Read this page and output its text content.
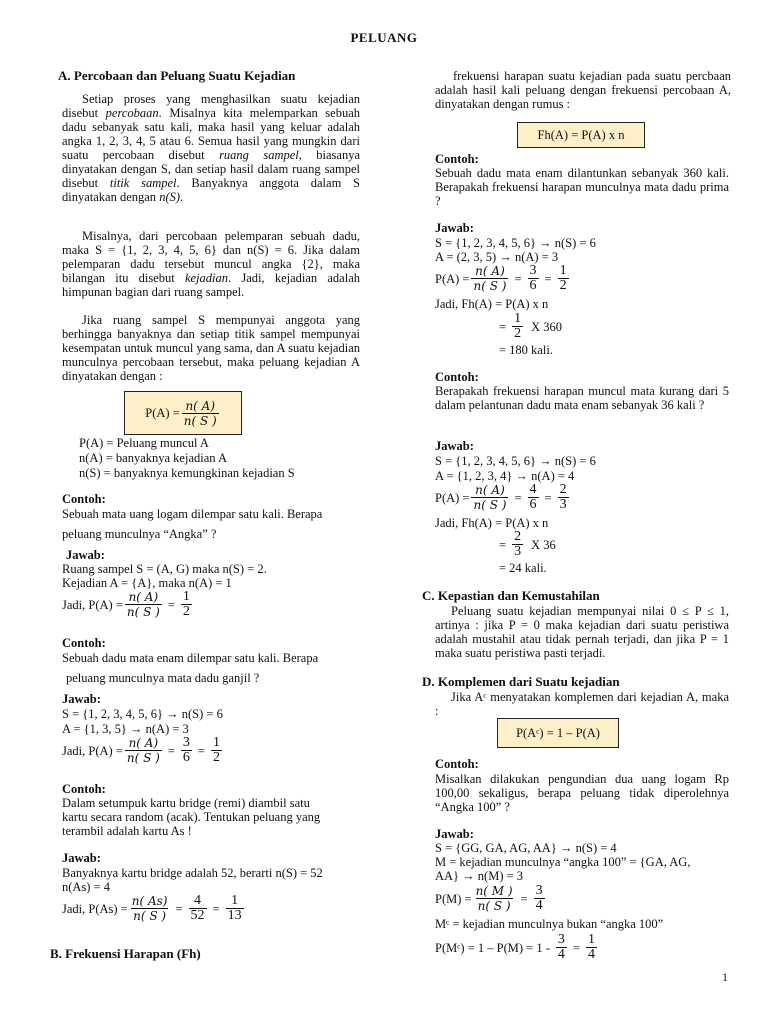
PELUANG
A. Percobaan dan Peluang Suatu Kejadian
Setiap proses yang menghasilkan suatu kejadian disebut percobaan. Misalnya kita melemparkan sebuah dadu sebanyak satu kali, maka hasil yang keluar adalah angka 1, 2, 3, 4, 5 atau 6. Semua hasil yang mungkin dari suatu percobaan disebut ruang sampel, biasanya dinyatakan dengan S, dan setiap hasil dalam ruang sampel disebut titik sampel. Banyaknya anggota dalam S dinyatakan dengan n(S).
Misalnya, dari percobaan pelemparan sebuah dadu, maka S = {1, 2, 3, 4, 5, 6} dan n(S) = 6. Jika dalam pelemparan dadu tersebut muncul angka {2}, maka bilangan itu disebut kejadian. Jadi, kejadian adalah himpunan bagian dari ruang sampel.
Jika ruang sampel S mempunyai anggota yang berhingga banyaknya dan setiap titik sampel mempunyai kesempatan untuk muncul yang sama, dan A suatu kejadian munculnya percobaan tersebut, maka peluang kejadian A dinyatakan dengan :
$P(A) = \frac{n( A)}{n( S )}$
P(A) = Peluang muncul A
n(A) = banyaknya kejadian A
n(S) = banyaknya kemungkinan kejadian S
Contoh:
Sebuah mata uang logam dilempar satu kali. Berapa
peluang munculnya “Angka” ?
Jawab:
Ruang sampel S = (A, G) maka n(S) = 2.
Kejadian A = {A}, maka n(A) = 1
Jadi, $P(A) = \frac{n( A)}{n( S )} = \frac{1}{2}$
Contoh:
Sebuah dadu mata enam dilempar satu kali. Berapa
peluang munculnya mata dadu ganjil ?
Jawab:
S = {1, 2, 3, 4, 5, 6} → n(S) = 6
A = {1, 3, 5} → n(A) = 3
Jadi, $P(A) = \frac{n( A)}{n( S )} = \frac{3}{6} = \frac{1}{2}$
Contoh:
Dalam setumpuk kartu bridge (remi) diambil satu
kartu secara random (acak). Tentukan peluang yang
terambil adalah kartu As !
Jawab:
Banyaknya kartu bridge adalah 52, berarti n(S) = 52
n(As) = 4
Jadi, $P(As) = \frac{n( As)}{n( S )} = \frac{4}{52} = \frac{1}{13}$
B. Frekuensi Harapan (Fh)
frekuensi harapan suatu kejadian pada suatu percbaan adalah hasil kali peluang dengan frekuensi percobaan A, dinyatakan dengan rumus :
Fh(A) = P(A) x n
Contoh:
Sebuah dadu mata enam dilantunkan sebanyak 360 kali. Berapakah frekuensi harapan munculnya mata dadu prima ?
Jawab:
S = {1, 2, 3, 4, 5, 6} → n(S) = 6
A = (2, 3, 5) → n(A) = 3
$P(A) = \frac{n( A)}{n( S )} = \frac{3}{6} = \frac{1}{2}$
Jadi, Fh(A) = P(A) x n
= $\frac{1}{2}$ X 360
= 180 kali.
Contoh:
Berapakah frekuensi harapan muncul mata kurang dari 5 dalam pelantunan dadu mata enam sebanyak 36 kali ?
Jawab:
S = {1, 2, 3, 4, 5, 6} → n(S) = 6
A = {1, 2, 3, 4} → n(A) = 4
$P(A) = \frac{n( A)}{n( S )} = \frac{4}{6} = \frac{2}{3}$
Jadi, Fh(A) = P(A) x n
= $\frac{2}{3}$ X 36
= 24 kali.
C. Kepastian dan Kemustahilan
Peluang suatu kejadian mempunyai nilai 0 ≤ P ≤ 1, artinya : jika P = 0 maka kejadian dari suatu peristiwa adalah mustahil atau tidak pernah terjadi, dan jika P = 1 maka suatu peristiwa pasti terjadi.
D. Komplemen dari Suatu kejadian
Jika Aᶜ menyatakan komplemen dari kejadian A, maka :
P(Aᶜ) = 1 – P(A)
Contoh:
Misalkan dilakukan pengundian dua uang logam Rp 100,00 sekaligus, berapa peluang tidak diperolehnya “Angka 100” ?
Jawab:
S = {GG, GA, AG, AA} → n(S) = 4
M = kejadian munculnya “angka 100” = {GA, AG,
AA} → n(M) = 3
$P(M) = \frac{n( M )}{n( S )} = \frac{3}{4}$
Mᶜ = kejadian munculnya bukan “angka 100”
P(Mᶜ) = $1 - P(M) = 1 - \frac{3}{4} = \frac{1}{4}$
1
